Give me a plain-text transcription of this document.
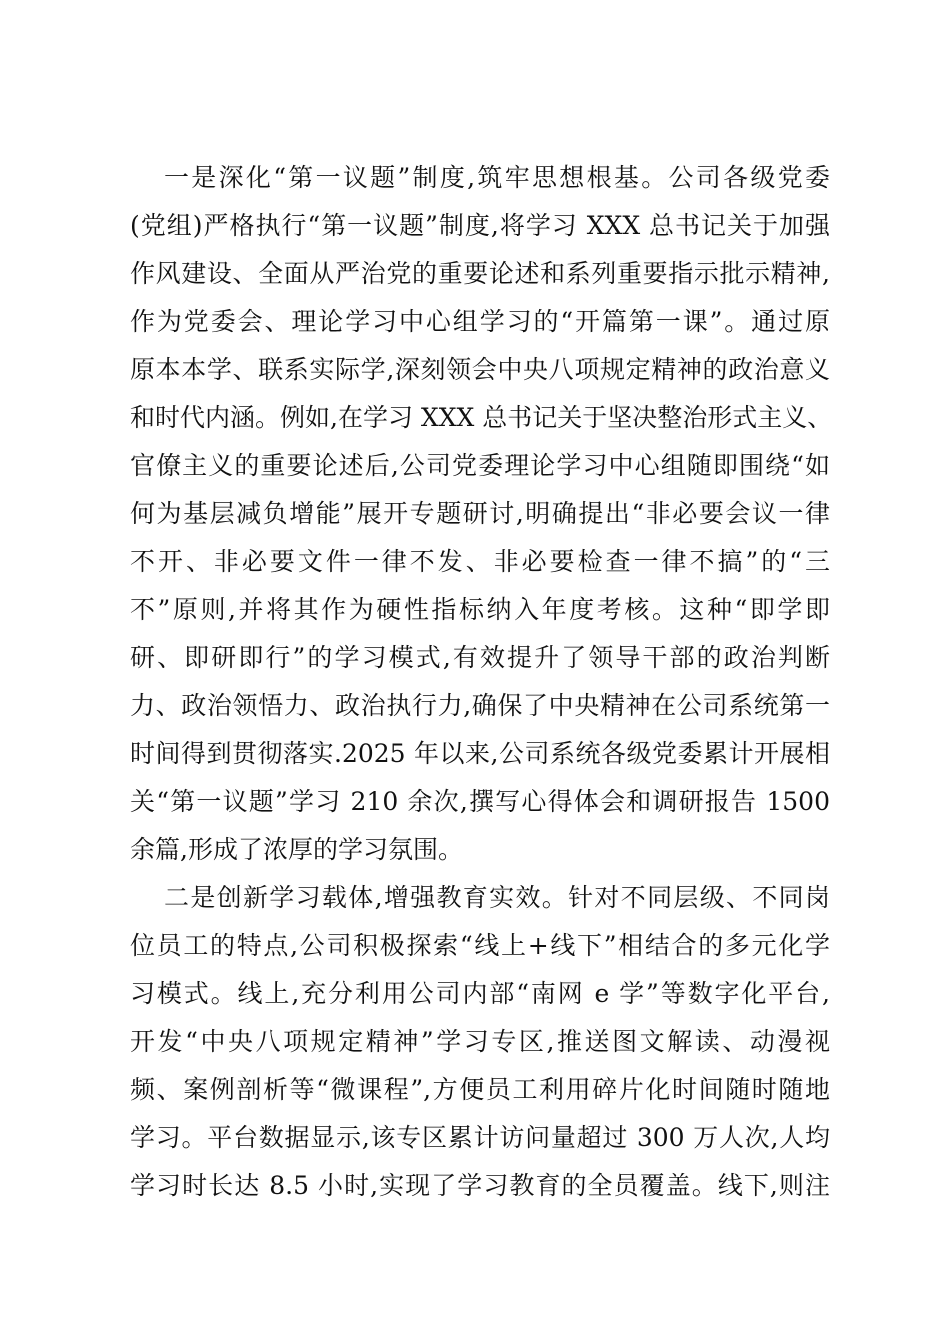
一是深化“第一议题”制度,筑牢思想根基。公司各级党委
(党组)严格执行“第一议题”制度,将学习 XXX 总书记关于加强
作风建设、全面从严治党的重要论述和系列重要指示批示精神,
作为党委会、理论学习中心组学习的“开篇第一课”。通过原
原本本学、联系实际学,深刻领会中央八项规定精神的政治意义
和时代内涵。例如,在学习 XXX 总书记关于坚决整治形式主义、
官僚主义的重要论述后,公司党委理论学习中心组随即围绕“如
何为基层减负增能”展开专题研讨,明确提出“非必要会议一律
不开、非必要文件一律不发、非必要检查一律不搞”的“三
不”原则,并将其作为硬性指标纳入年度考核。这种“即学即
研、即研即行”的学习模式,有效提升了领导干部的政治判断
力、政治领悟力、政治执行力,确保了中央精神在公司系统第一
时间得到贯彻落实.2025 年以来,公司系统各级党委累计开展相
关“第一议题”学习 210 余次,撰写心得体会和调研报告 1500
余篇,形成了浓厚的学习氛围。
二是创新学习载体,增强教育实效。针对不同层级、不同岗
位员工的特点,公司积极探索“线上+线下”相结合的多元化学
习模式。线上,充分利用公司内部“南网 e 学”等数字化平台,
开发“中央八项规定精神”学习专区,推送图文解读、动漫视
频、案例剖析等“微课程”,方便员工利用碎片化时间随时随地
学习。平台数据显示,该专区累计访问量超过 300 万人次,人均
学习时长达 8.5 小时,实现了学习教育的全员覆盖。线下,则注
